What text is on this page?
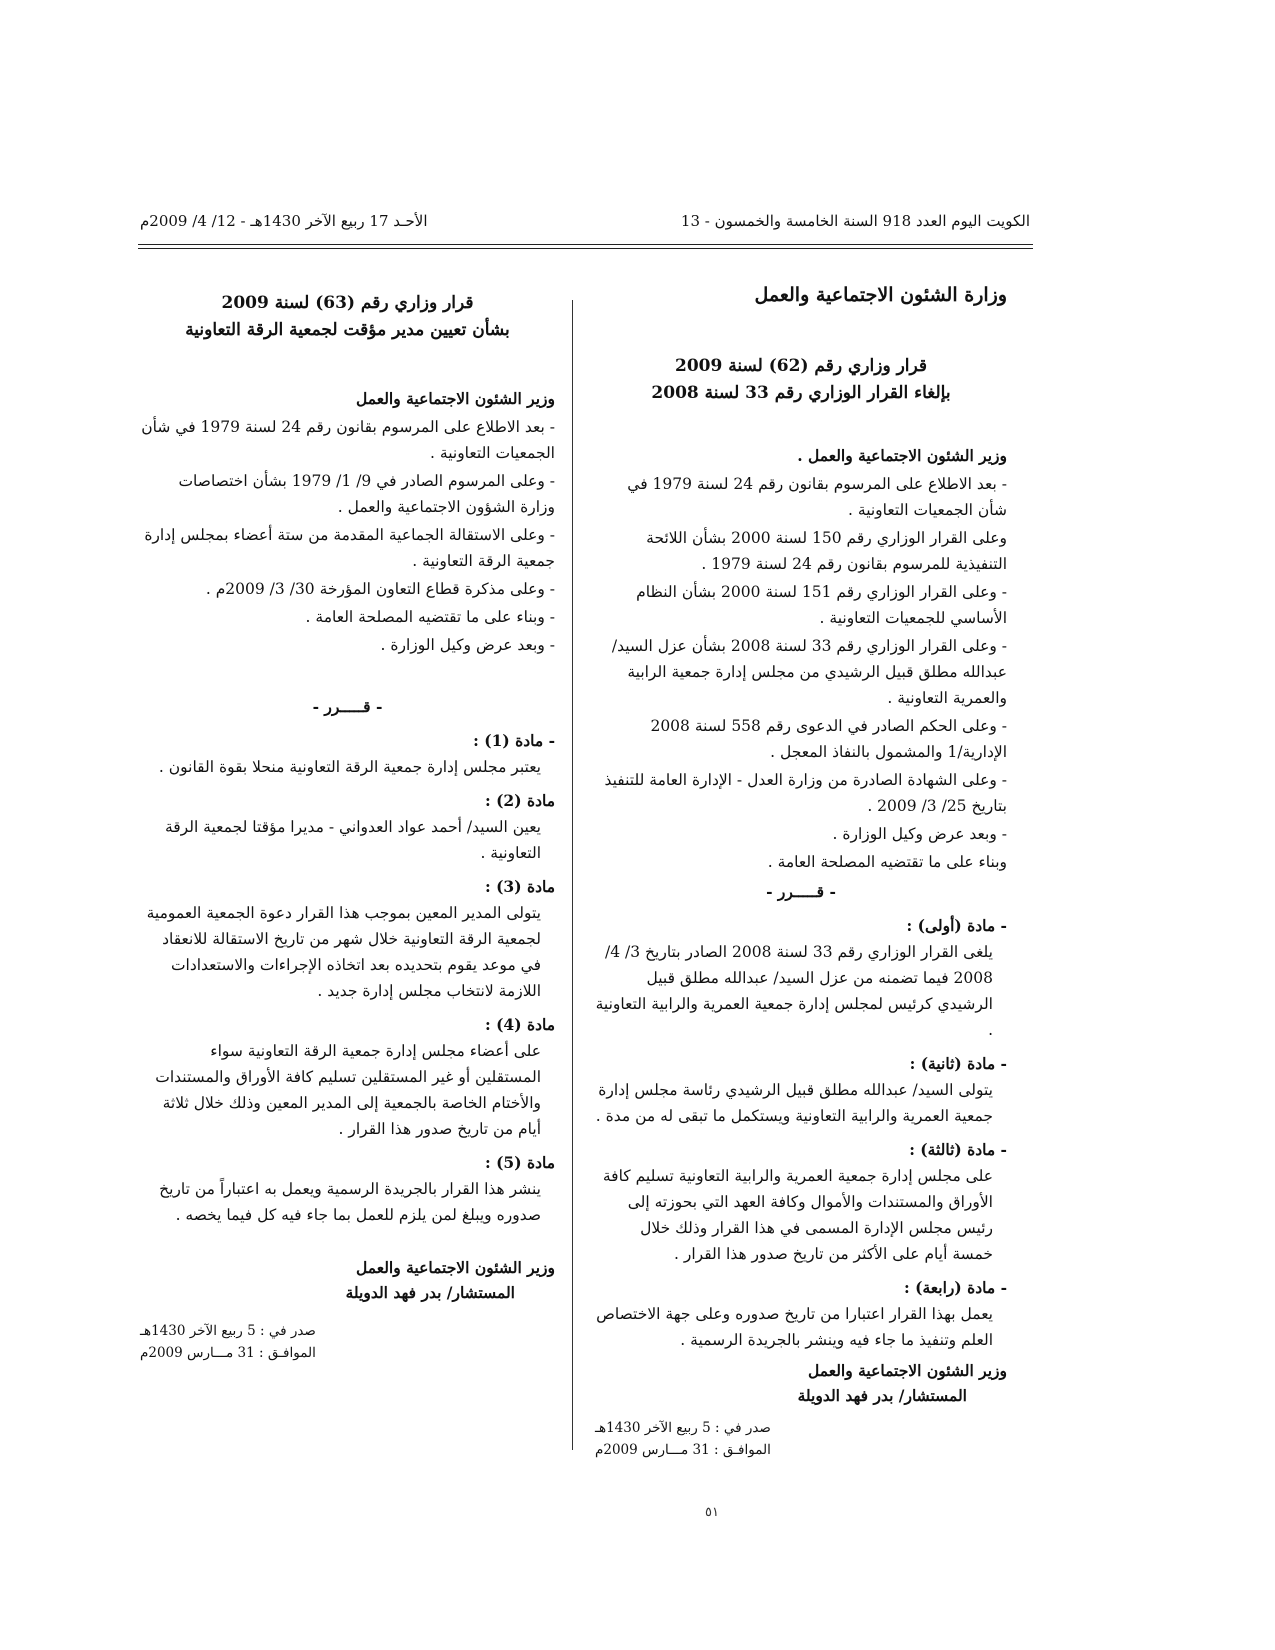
الكويت اليوم العدد 918 السنة الخامسة والخمسون - 13
الأحـد 17 ربيع الآخر 1430هـ - 12/ 4/ 2009م
وزارة الشئون الاجتماعية والعمل
قرار وزاري رقم (62) لسنة 2009
بإلغاء القرار الوزاري رقم 33 لسنة 2008
وزير الشئون الاجتماعية والعمل .
- بعد الاطلاع على المرسوم بقانون رقم 24 لسنة 1979 في شأن الجمعيات التعاونية .
وعلى القرار الوزاري رقم 150 لسنة 2000 بشأن اللائحة التنفيذية للمرسوم بقانون رقم 24 لسنة 1979 .
- وعلى القرار الوزاري رقم 151 لسنة 2000 بشأن النظام الأساسي للجمعيات التعاونية .
- وعلى القرار الوزاري رقم 33 لسنة 2008 بشأن عزل السيد/ عبدالله مطلق قبيل الرشيدي من مجلس إدارة جمعية الرابية والعمرية التعاونية .
- وعلى الحكم الصادر في الدعوى رقم 558 لسنة 2008 الإدارية/1 والمشمول بالنفاذ المعجل .
- وعلى الشهادة الصادرة من وزارة العدل - الإدارة العامة للتنفيذ بتاريخ 25/ 3/ 2009 .
- وبعد عرض وكيل الوزارة .
وبناء على ما تقتضيه المصلحة العامة .
- قـــــرر -
- مادة (أولى) :
يلغى القرار الوزاري رقم 33 لسنة 2008 الصادر بتاريخ 3/ 4/ 2008 فيما تضمنه من عزل السيد/ عبدالله مطلق قبيل الرشيدي كرئيس لمجلس إدارة جمعية العمرية والرابية التعاونية .
- مادة (ثانية) :
يتولى السيد/ عبدالله مطلق قبيل الرشيدي رئاسة مجلس إدارة جمعية العمرية والرابية التعاونية ويستكمل ما تبقى له من مدة .
- مادة (ثالثة) :
على مجلس إدارة جمعية العمرية والرابية التعاونية تسليم كافة الأوراق والمستندات والأموال وكافة العهد التي بحوزته إلى رئيس مجلس الإدارة المسمى في هذا القرار وذلك خلال خمسة أيام على الأكثر من تاريخ صدور هذا القرار .
- مادة (رابعة) :
يعمل بهذا القرار اعتبارا من تاريخ صدوره وعلى جهة الاختصاص العلم وتنفيذ ما جاء فيه وينشر بالجريدة الرسمية .
وزير الشئون الاجتماعية والعمل
المستشار/ بدر فهد الدويلة
صدر في : 5 ربيع الآخر 1430هـ
الموافـق : 31 مـــارس 2009م
قرار وزاري رقم (63) لسنة 2009
بشأن تعيين مدير مؤقت لجمعية الرقة التعاونية
وزير الشئون الاجتماعية والعمل
- بعد الاطلاع على المرسوم بقانون رقم 24 لسنة 1979 في شأن الجمعيات التعاونية .
- وعلى المرسوم الصادر في 9/ 1/ 1979 بشأن اختصاصات وزارة الشؤون الاجتماعية والعمل .
- وعلى الاستقالة الجماعية المقدمة من ستة أعضاء بمجلس إدارة جمعية الرقة التعاونية .
- وعلى مذكرة قطاع التعاون المؤرخة 30/ 3/ 2009م .
- وبناء على ما تقتضيه المصلحة العامة .
- وبعد عرض وكيل الوزارة .
- قـــــرر -
- مادة (1) :
يعتبر مجلس إدارة جمعية الرقة التعاونية منحلا بقوة القانون .
مادة (2) :
يعين السيد/ أحمد عواد العدواني - مديرا مؤقتا لجمعية الرقة التعاونية .
مادة (3) :
يتولى المدير المعين بموجب هذا القرار دعوة الجمعية العمومية لجمعية الرقة التعاونية خلال شهر من تاريخ الاستقالة للانعقاد في موعد يقوم بتحديده بعد اتخاذه الإجراءات والاستعدادات اللازمة لانتخاب مجلس إدارة جديد .
مادة (4) :
على أعضاء مجلس إدارة جمعية الرقة التعاونية سواء المستقلين أو غير المستقلين تسليم كافة الأوراق والمستندات والأختام الخاصة بالجمعية إلى المدير المعين وذلك خلال ثلاثة أيام من تاريخ صدور هذا القرار .
مادة (5) :
ينشر هذا القرار بالجريدة الرسمية ويعمل به اعتباراً من تاريخ صدوره ويبلغ لمن يلزم للعمل بما جاء فيه كل فيما يخصه .
وزير الشئون الاجتماعية والعمل
المستشار/ بدر فهد الدويلة
صدر في : 5 ربيع الآخر 1430هـ
الموافـق : 31 مـــارس 2009م
٥١
